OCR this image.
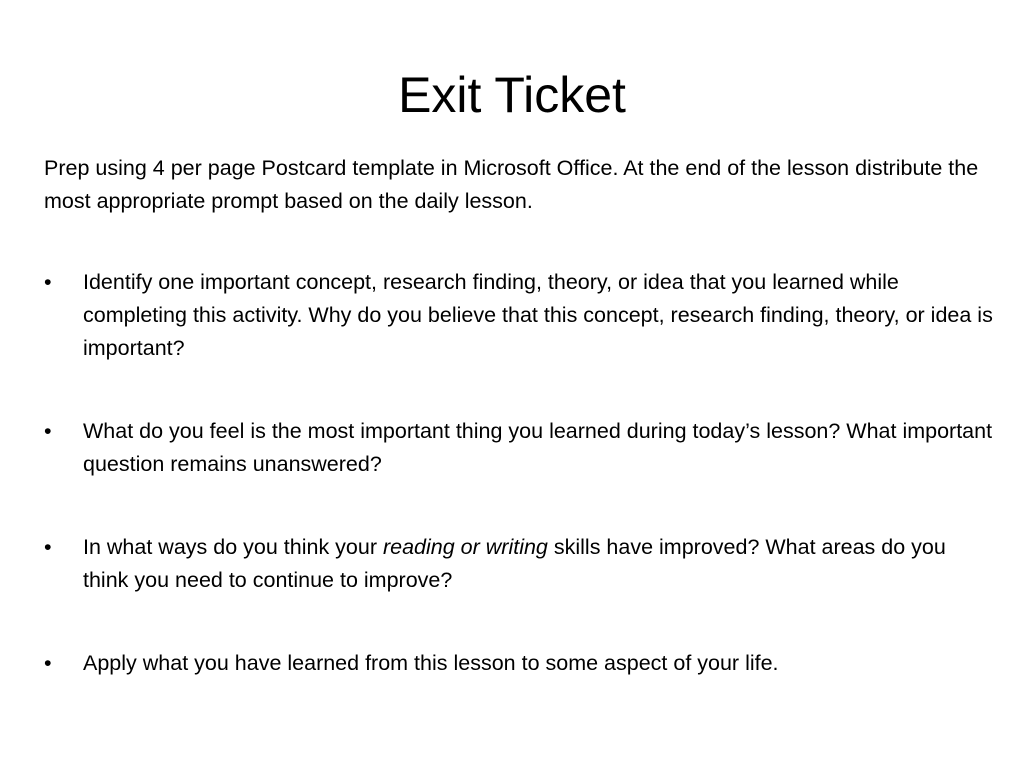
Exit Ticket

Prep using 4 per page Postcard template in Microsoft Office. At the end of the lesson distribute the most appropriate prompt based on the daily lesson.

•	Identify one important concept, research finding, theory, or idea that you learned while completing this activity. Why do you believe that this concept, research finding, theory, or idea is important?
•	What do you feel is the most important thing you learned during today’s lesson? What important question remains unanswered?
•	In what ways do you think your reading or writing skills have improved? What areas do you think you need to continue to improve?
•	Apply what you have learned from this lesson to some aspect of your life.
